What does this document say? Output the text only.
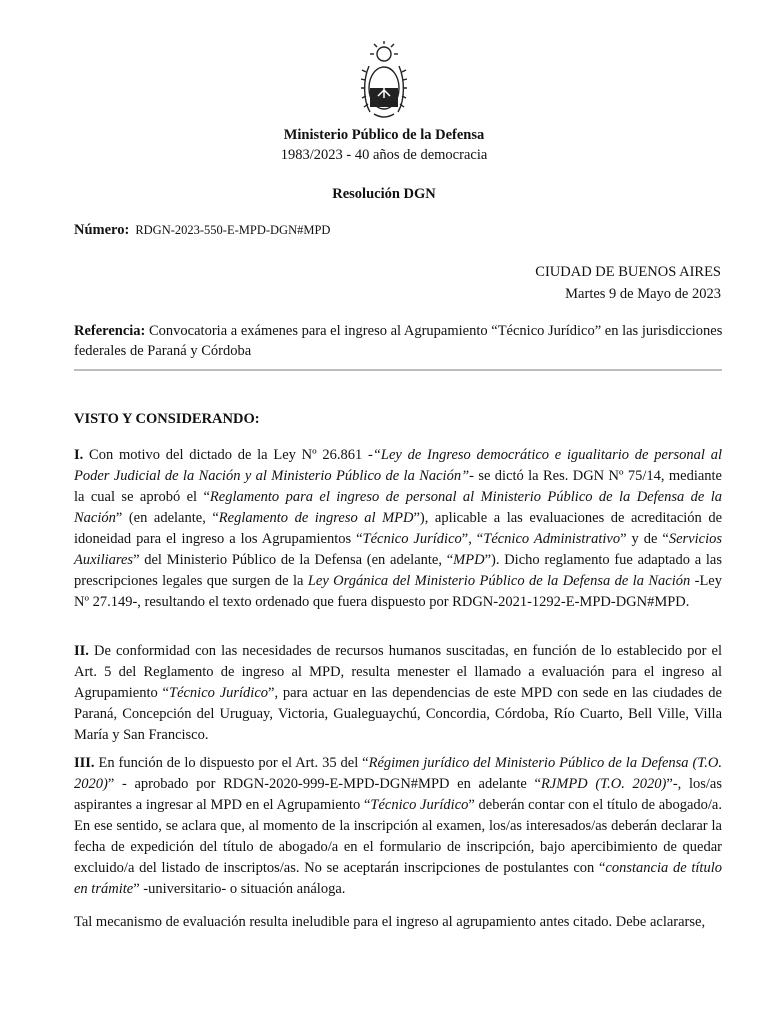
Ministerio Público de la Defensa
1983/2023 - 40 años de democracia
Resolución DGN
Número: RDGN-2023-550-E-MPD-DGN#MPD
CIUDAD DE BUENOS AIRES
Martes 9 de Mayo de 2023
Referencia: Convocatoria a exámenes para el ingreso al Agrupamiento “Técnico Jurídico” en las jurisdicciones
federales de Paraná y Córdoba
VISTO Y CONSIDERANDO:
I. Con motivo del dictado de la Ley Nº 26.861 -“Ley de Ingreso democrático e igualitario de personal al Poder Judicial de la Nación y al Ministerio Público de la Nación”- se dictó la Res. DGN Nº 75/14, mediante la cual se aprobó el “Reglamento para el ingreso de personal al Ministerio Público de la Defensa de la Nación” (en adelante, “Reglamento de ingreso al MPD”), aplicable a las evaluaciones de acreditación de idoneidad para el ingreso a los Agrupamientos “Técnico Jurídico”, “Técnico Administrativo” y de “Servicios Auxiliares” del Ministerio Público de la Defensa (en adelante, “MPD”). Dicho reglamento fue adaptado a las prescripciones legales que surgen de la Ley Orgánica del Ministerio Público de la Defensa de la Nación -Ley Nº 27.149-, resultando el texto ordenado que fuera dispuesto por RDGN-2021-1292-E-MPD-DGN#MPD.
II. De conformidad con las necesidades de recursos humanos suscitadas, en función de lo establecido por el Art. 5 del Reglamento de ingreso al MPD, resulta menester el llamado a evaluación para el ingreso al Agrupamiento “Técnico Jurídico”, para actuar en las dependencias de este MPD con sede en las ciudades de Paraná, Concepción del Uruguay, Victoria, Gualeguaychú, Concordia, Córdoba, Río Cuarto, Bell Ville, Villa María y San Francisco.
III. En función de lo dispuesto por el Art. 35 del “Régimen jurídico del Ministerio Público de la Defensa (T.O. 2020)” - aprobado por RDGN-2020-999-E-MPD-DGN#MPD en adelante “RJMPD (T.O. 2020)”-, los/as aspirantes a ingresar al MPD en el Agrupamiento “Técnico Jurídico” deberán contar con el título de abogado/a. En ese sentido, se aclara que, al momento de la inscripción al examen, los/as interesados/as deberán declarar la fecha de expedición del título de abogado/a en el formulario de inscripción, bajo apercibimiento de quedar excluido/a del listado de inscriptos/as. No se aceptarán inscripciones de postulantes con “constancia de título en trámite” -universitario- o situación análoga.
Tal mecanismo de evaluación resulta ineludible para el ingreso al agrupamiento antes citado. Debe aclararse,
